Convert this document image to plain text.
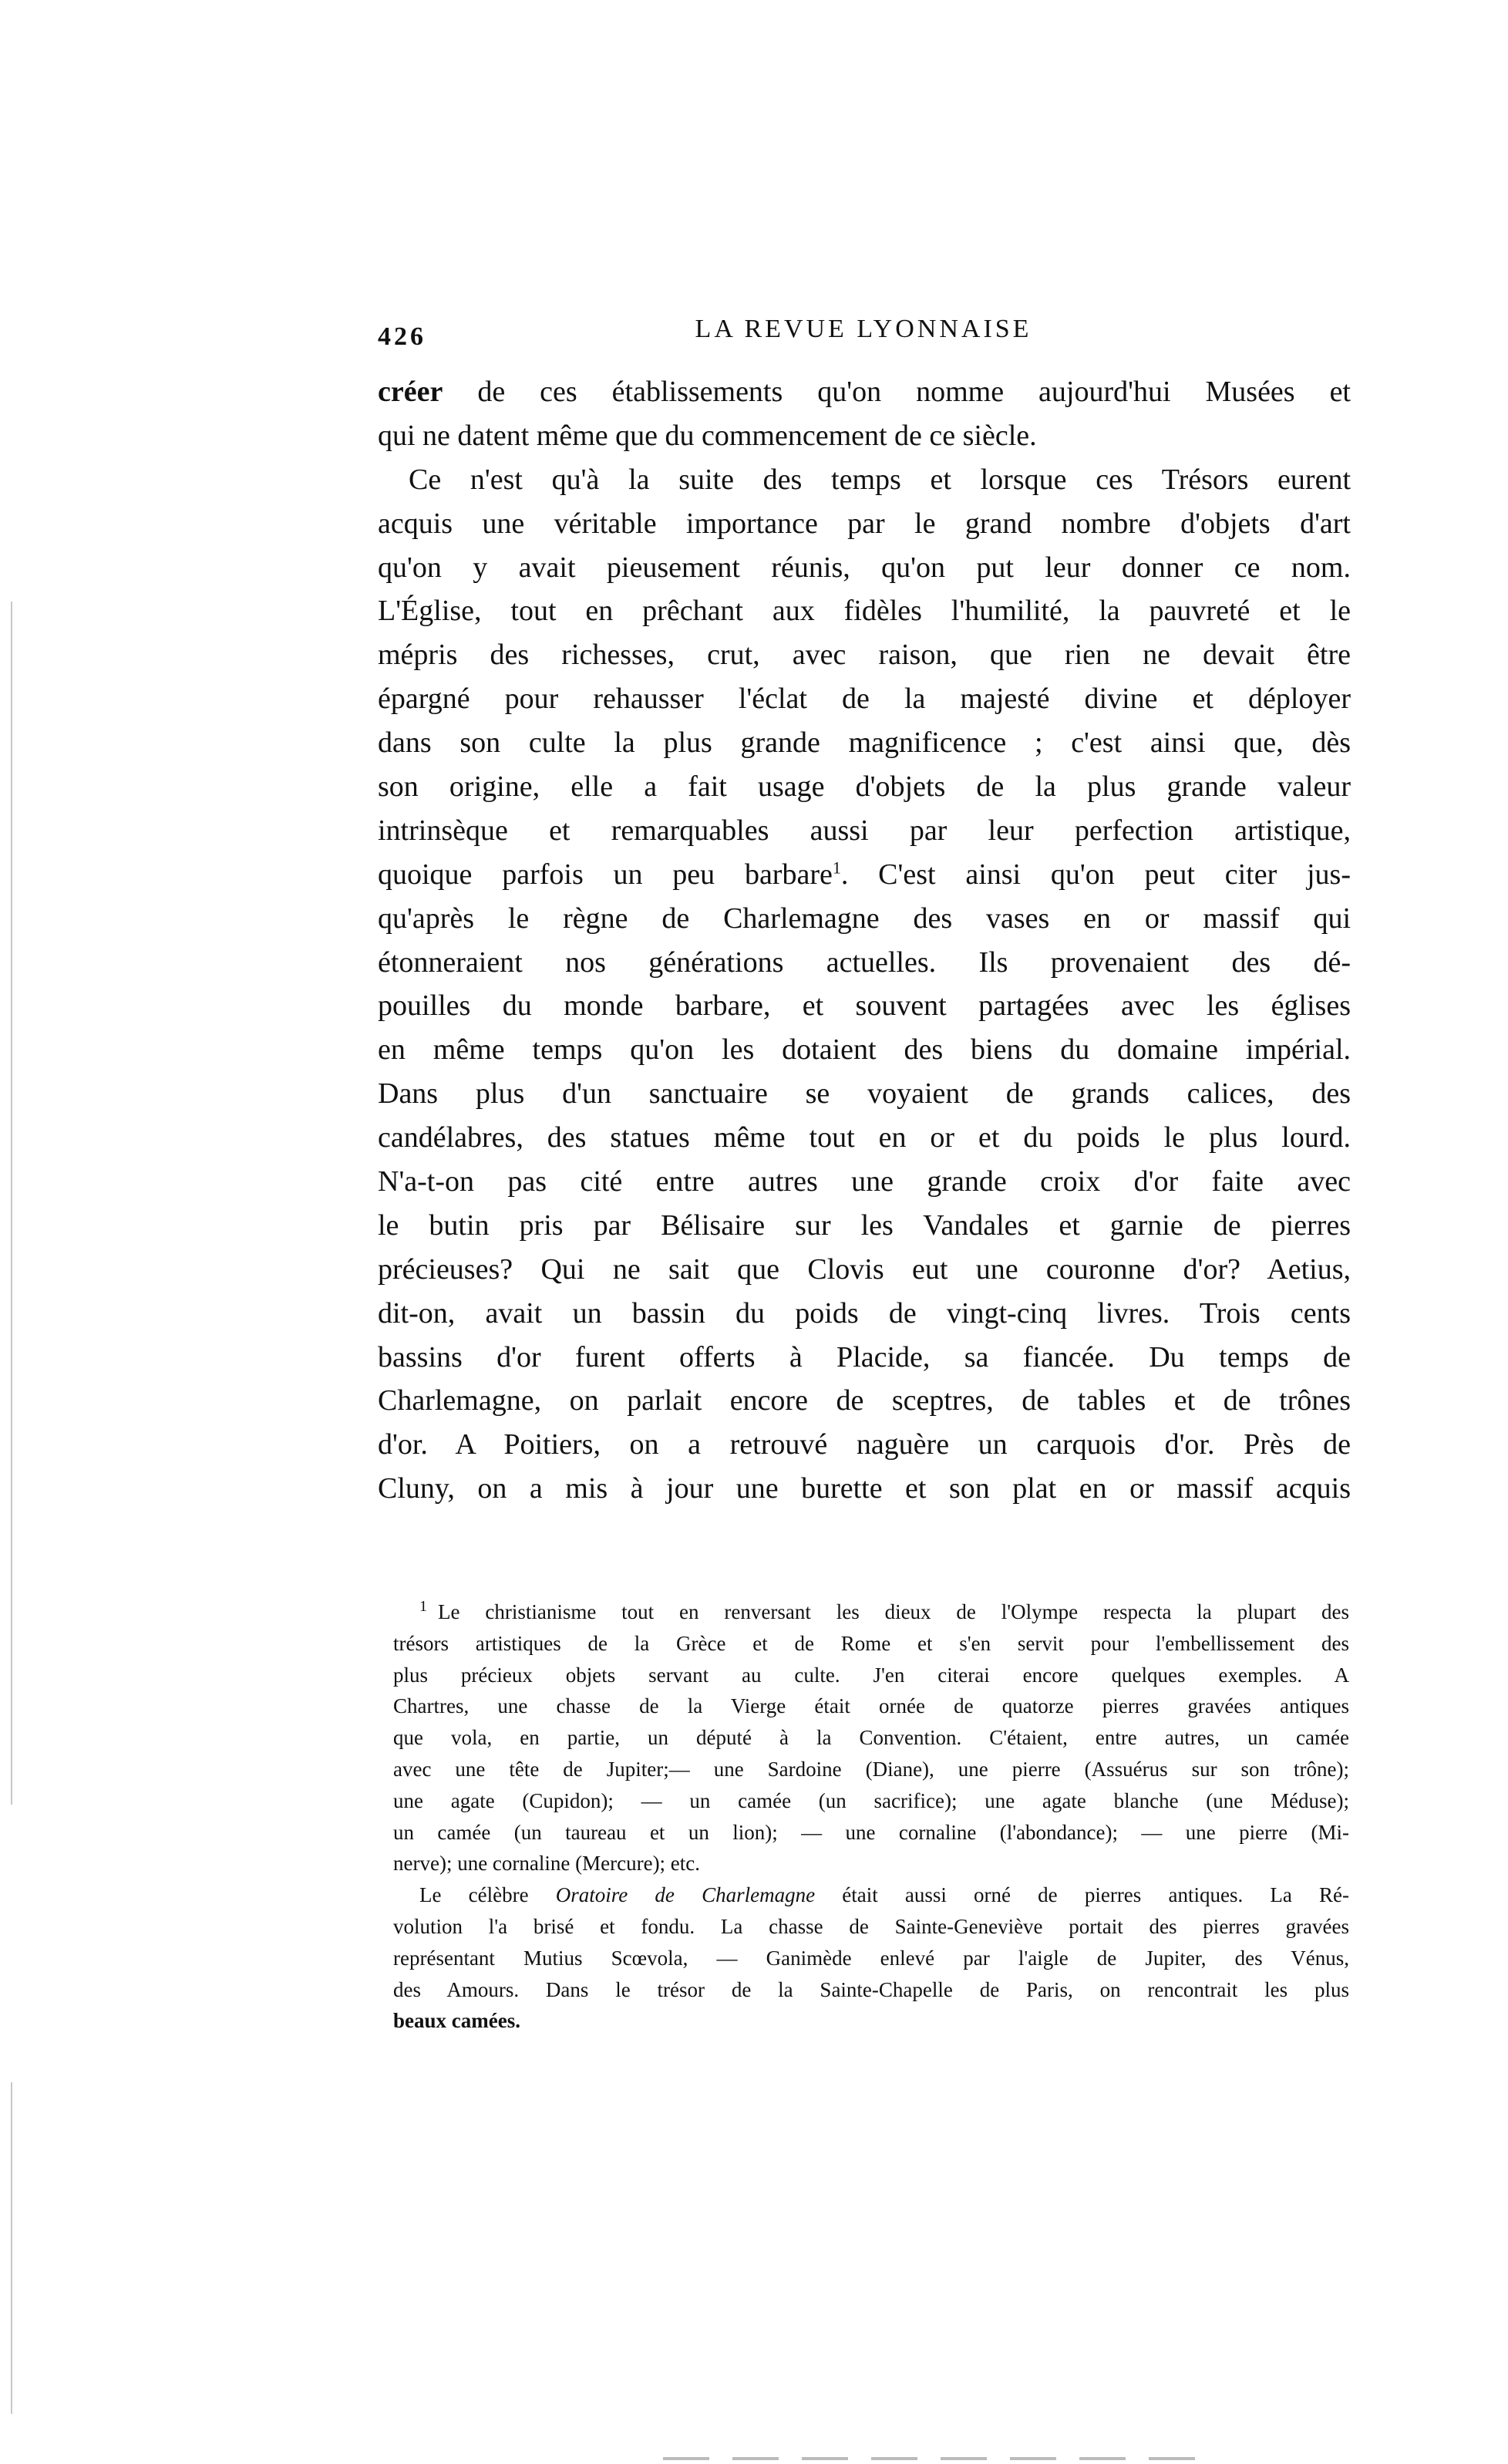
426	LA REVUE LYONNAISE
créer de ces établissements qu'on nomme aujourd'hui Musées et
qui ne datent même que du commencement de ce siècle.
Ce n'est qu'à la suite des temps et lorsque ces Trésors eurent
acquis une véritable importance par le grand nombre d'objets d'art
qu'on y avait pieusement réunis, qu'on put leur donner ce nom.
L'Église, tout en prêchant aux fidèles l'humilité, la pauvreté et le
mépris des richesses, crut, avec raison, que rien ne devait être
épargné pour rehausser l'éclat de la majesté divine et déployer
dans son culte la plus grande magnificence ; c'est ainsi que, dès
son origine, elle a fait usage d'objets de la plus grande valeur
intrinsèque et remarquables aussi par leur perfection artistique,
quoique parfois un peu barbare$^1$. C'est ainsi qu'on peut citer jus-
qu'après le règne de Charlemagne des vases en or massif qui
étonneraient nos générations actuelles. Ils provenaient des dé-
pouilles du monde barbare, et souvent partagées avec les églises
en même temps qu'on les dotaient des biens du domaine impérial.
Dans plus d'un sanctuaire se voyaient de grands calices, des
candélabres, des statues même tout en or et du poids le plus lourd.
N'a-t-on pas cité entre autres une grande croix d'or faite avec
le butin pris par Bélisaire sur les Vandales et garnie de pierres
précieuses? Qui ne sait que Clovis eut une couronne d'or? Aetius,
dit-on, avait un bassin du poids de vingt-cinq livres. Trois cents
bassins d'or furent offerts à Placide, sa fiancée. Du temps de
Charlemagne, on parlait encore de sceptres, de tables et de trônes
d'or. A Poitiers, on a retrouvé naguère un carquois d'or. Près de
Cluny, on a mis à jour une burette et son plat en or massif acquis
$^1$ Le christianisme tout en renversant les dieux de l'Olympe respecta la plupart des
trésors artistiques de la Grèce et de Rome et s'en servit pour l'embellissement des
plus précieux objets servant au culte. J'en citerai encore quelques exemples. A
Chartres, une chasse de la Vierge était ornée de quatorze pierres gravées antiques
que vola, en partie, un député à la Convention. C'étaient, entre autres, un camée
avec une tête de Jupiter;— une Sardoine (Diane), une pierre (Assuérus sur son trône);
une agate (Cupidon); — un camée (un sacrifice); une agate blanche (une Méduse);
un camée (un taureau et un lion); — une cornaline (l'abondance); — une pierre (Mi-
nerve); une cornaline (Mercure); etc.
Le célèbre Oratoire de Charlemagne était aussi orné de pierres antiques. La Ré-
volution l'a brisé et fondu. La chasse de Sainte-Geneviève portait des pierres gravées
représentant Mutius Scœvola, — Ganimède enlevé par l'aigle de Jupiter, des Vénus,
des Amours. Dans le trésor de la Sainte-Chapelle de Paris, on rencontrait les plus
beaux camées.
